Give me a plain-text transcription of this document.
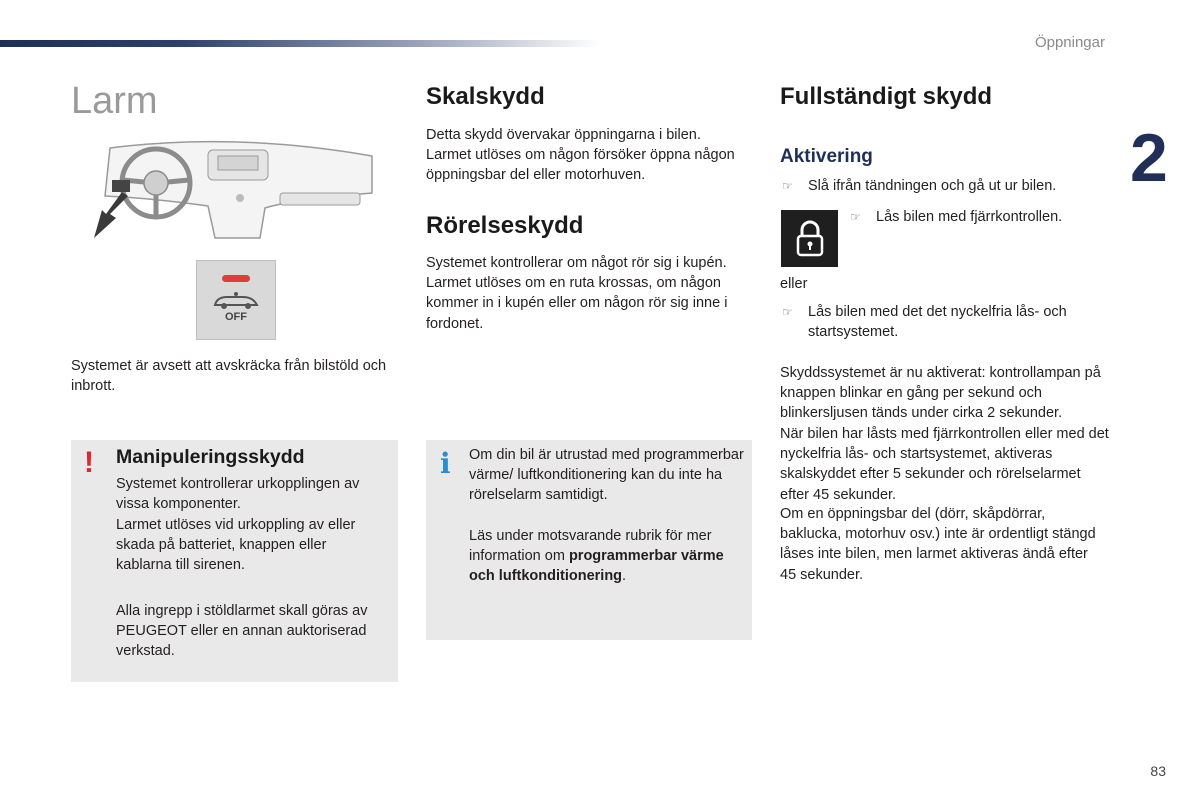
Öppningar
2
83
Larm
OFF
Systemet är avsett att avskräcka från bilstöld och inbrott.
! Manipuleringsskydd
Systemet kontrollerar urkopplingen av vissa komponenter.
Larmet utlöses vid urkoppling av eller skada på batteriet, knappen eller kablarna till sirenen.
Alla ingrepp i stöldlarmet skall göras av PEUGEOT eller en annan auktoriserad verkstad.
Skalskydd
Detta skydd övervakar öppningarna i bilen. Larmet utlöses om någon försöker öppna någon öppningsbar del eller motorhuven.
Rörelseskydd
Systemet kontrollerar om något rör sig i kupén. Larmet utlöses om en ruta krossas, om någon kommer in i kupén eller om någon rör sig inne i fordonet.
i Om din bil är utrustad med programmerbar värme/ luftkonditionering kan du inte ha rörelselarm samtidigt.
Läs under motsvarande rubrik för mer information om programmerbar värme och luftkonditionering.
Fullständigt skydd
Aktivering
☞ Slå ifrån tändningen och gå ut ur bilen.
☞ Lås bilen med fjärrkontrollen.
eller
☞ Lås bilen med det det nyckelfria lås- och startsystemet.
Skyddssystemet är nu aktiverat: kontrollampan på knappen blinkar en gång per sekund och blinkersljusen tänds under cirka 2 sekunder.
När bilen har låsts med fjärrkontrollen eller med det nyckelfria lås- och startsystemet, aktiveras skalskyddet efter 5 sekunder och rörelselarmet efter 45 sekunder.
Om en öppningsbar del (dörr, skåpdörrar, baklucka, motorhuv osv.) inte är ordentligt stängd låses inte bilen, men larmet aktiveras ändå efter 45 sekunder.
